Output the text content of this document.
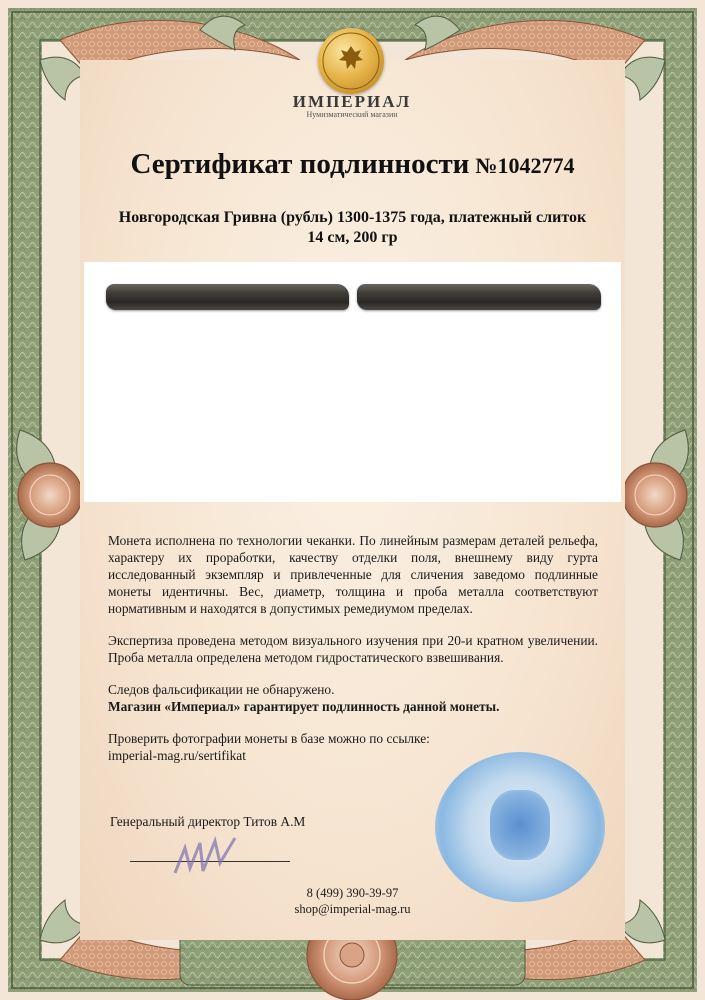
ИМПЕРИАЛ
Нумизматический магазин
Сертификат подлинности №1042774
Новгородская Гривна (рубль) 1300-1375 года, платежный слиток 14 см, 200 гр

Монета исполнена по технологии чеканки. По линейным размерам деталей рельефа, характеру их проработки, качеству отделки поля, внешнему виду гурта исследованный экземпляр и привлеченные для сличения заведомо подлинные монеты идентичны. Вес, диаметр, толщина и проба металла соответствуют нормативным и находятся в допустимых ремедиумом пределах.

Экспертиза проведена методом визуального изучения при 20-и кратном увеличении. Проба металла определена методом гидростатического взвешивания.

Следов фальсификации не обнаружено.
Магазин «Империал» гарантирует подлинность данной монеты.

Проверить фотографии монеты в базе можно по ссылке:
imperial-mag.ru/sertifikat

Генеральный директор Титов А.М
8 (499) 390-39-97
shop@imperial-mag.ru
